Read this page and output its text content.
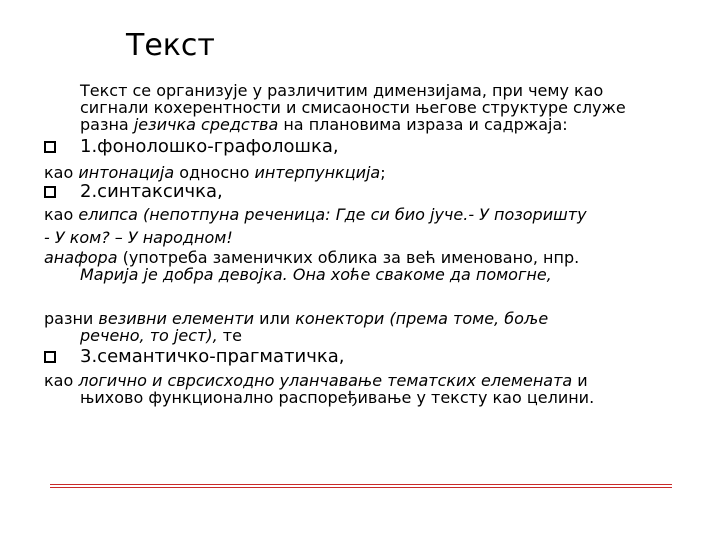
Текст

Текст се организује у различитим димензијама, при чему као

сигнали кохерентности и смисаоности његове структуре служе

разна језичка средства на плановима израза и садржаја:

1.фонолошко-графолошка,

као интонација односно интерпункција;

2.синтаксичка,

као елипса (непотпуна реченица: Где си био јуче.- У позоришту

- У ком? – У народном!

анафора (употреба заменичких облика за већ именовано, нпр.

Марија је добра девојка. Она хоће свакоме да помогне,

разни везивни елементи или конектори (према томе, боље

речено, то јест), те

3.семантичко-прагматичка,

као логично и сврсисходно уланчавање тематских елемената и

њихово функционално распоређивање у тексту као целини.
